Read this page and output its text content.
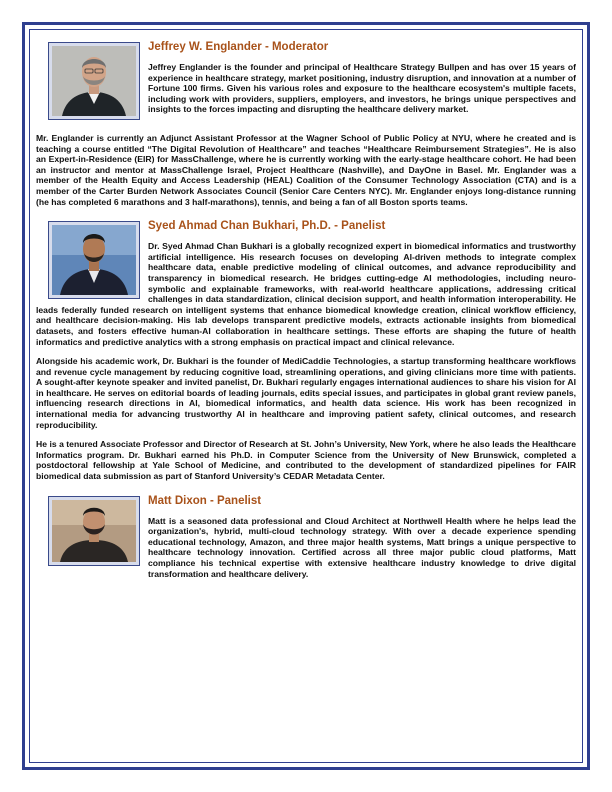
Jeffrey W. Englander - Moderator

Jeffrey Englander is the founder and principal of Healthcare Strategy Bullpen and has over 15 years of experience in healthcare strategy, market positioning, industry disruption, and innovation at a number of Fortune 100 firms. Given his various roles and exposure to the healthcare ecosystem's multiple facets, including work with providers, suppliers, employers, and investors, he brings unique perspectives and insights to the forces impacting and disrupting the healthcare delivery market.

Mr. Englander is currently an Adjunct Assistant Professor at the Wagner School of Public Policy at NYU, where he created and is teaching a course entitled “The Digital Revolution of Healthcare” and teaches “Healthcare Reimbursement Strategies”. He is also an Expert-in-Residence (EIR) for MassChallenge, where he is currently working with the early-stage healthcare cohort. He had been an instructor and mentor at MassChallenge Israel, Project Healthcare (Nashville), and DayOne in Basel. Mr. Englander was a member of the Health Equity and Access Leadership (HEAL) Coalition of the Consumer Technology Association (CTA) and is a member of the Carter Burden Network Associates Council (Senior Care Centers NYC). Mr. Englander enjoys long-distance running (he has completed 6 marathons and 3 half-marathons), tennis, and being a fan of all Boston sports teams.

Syed Ahmad Chan Bukhari, Ph.D. - Panelist

Dr. Syed Ahmad Chan Bukhari is a globally recognized expert in biomedical informatics and trustworthy artificial intelligence. His research focuses on developing AI-driven methods to integrate complex healthcare data, enable predictive modeling of clinical outcomes, and advance reproducibility and transparency in biomedical research. He bridges cutting-edge AI methodologies, including neuro-symbolic and explainable frameworks, with real-world healthcare applications, addressing critical challenges in data standardization, clinical decision support, and health information interoperability. He leads federally funded research on intelligent systems that enhance biomedical knowledge creation, clinical workflow efficiency, and healthcare decision-making. His lab develops transparent predictive models, extracts actionable insights from biomedical datasets, and fosters effective human-AI collaboration in healthcare settings. These efforts are shaping the future of health informatics and predictive analytics with a strong emphasis on practical impact and clinical relevance.

Alongside his academic work, Dr. Bukhari is the founder of MediCaddie Technologies, a startup transforming healthcare workflows and revenue cycle management by reducing cognitive load, streamlining operations, and giving clinicians more time with patients. A sought-after keynote speaker and invited panelist, Dr. Bukhari regularly engages international audiences to share his vision for AI in healthcare. He serves on editorial boards of leading journals, edits special issues, and participates in global grant review panels, influencing research directions in AI, biomedical informatics, and health data science. His work has been recognized in international media for advancing trustworthy AI in healthcare and improving patient safety, clinical outcomes, and research reproducibility.

He is a tenured Associate Professor and Director of Research at St. John’s University, New York, where he also leads the Healthcare Informatics program. Dr. Bukhari earned his Ph.D. in Computer Science from the University of New Brunswick, completed a postdoctoral fellowship at Yale School of Medicine, and contributed to the development of standardized pipelines for FAIR biomedical data submission as part of Stanford University’s CEDAR Metadata Center.

Matt Dixon - Panelist

Matt is a seasoned data professional and Cloud Architect at Northwell Health where he helps lead the organization's, hybrid, multi-cloud technology strategy. With over a decade experience spending educational technology, Amazon, and three major health systems, Matt brings a unique perspective to healthcare technology innovation. Certified across all three major public cloud platforms, Matt compliance his technical expertise with extensive healthcare industry knowledge to drive digital transformation and healthcare delivery.
